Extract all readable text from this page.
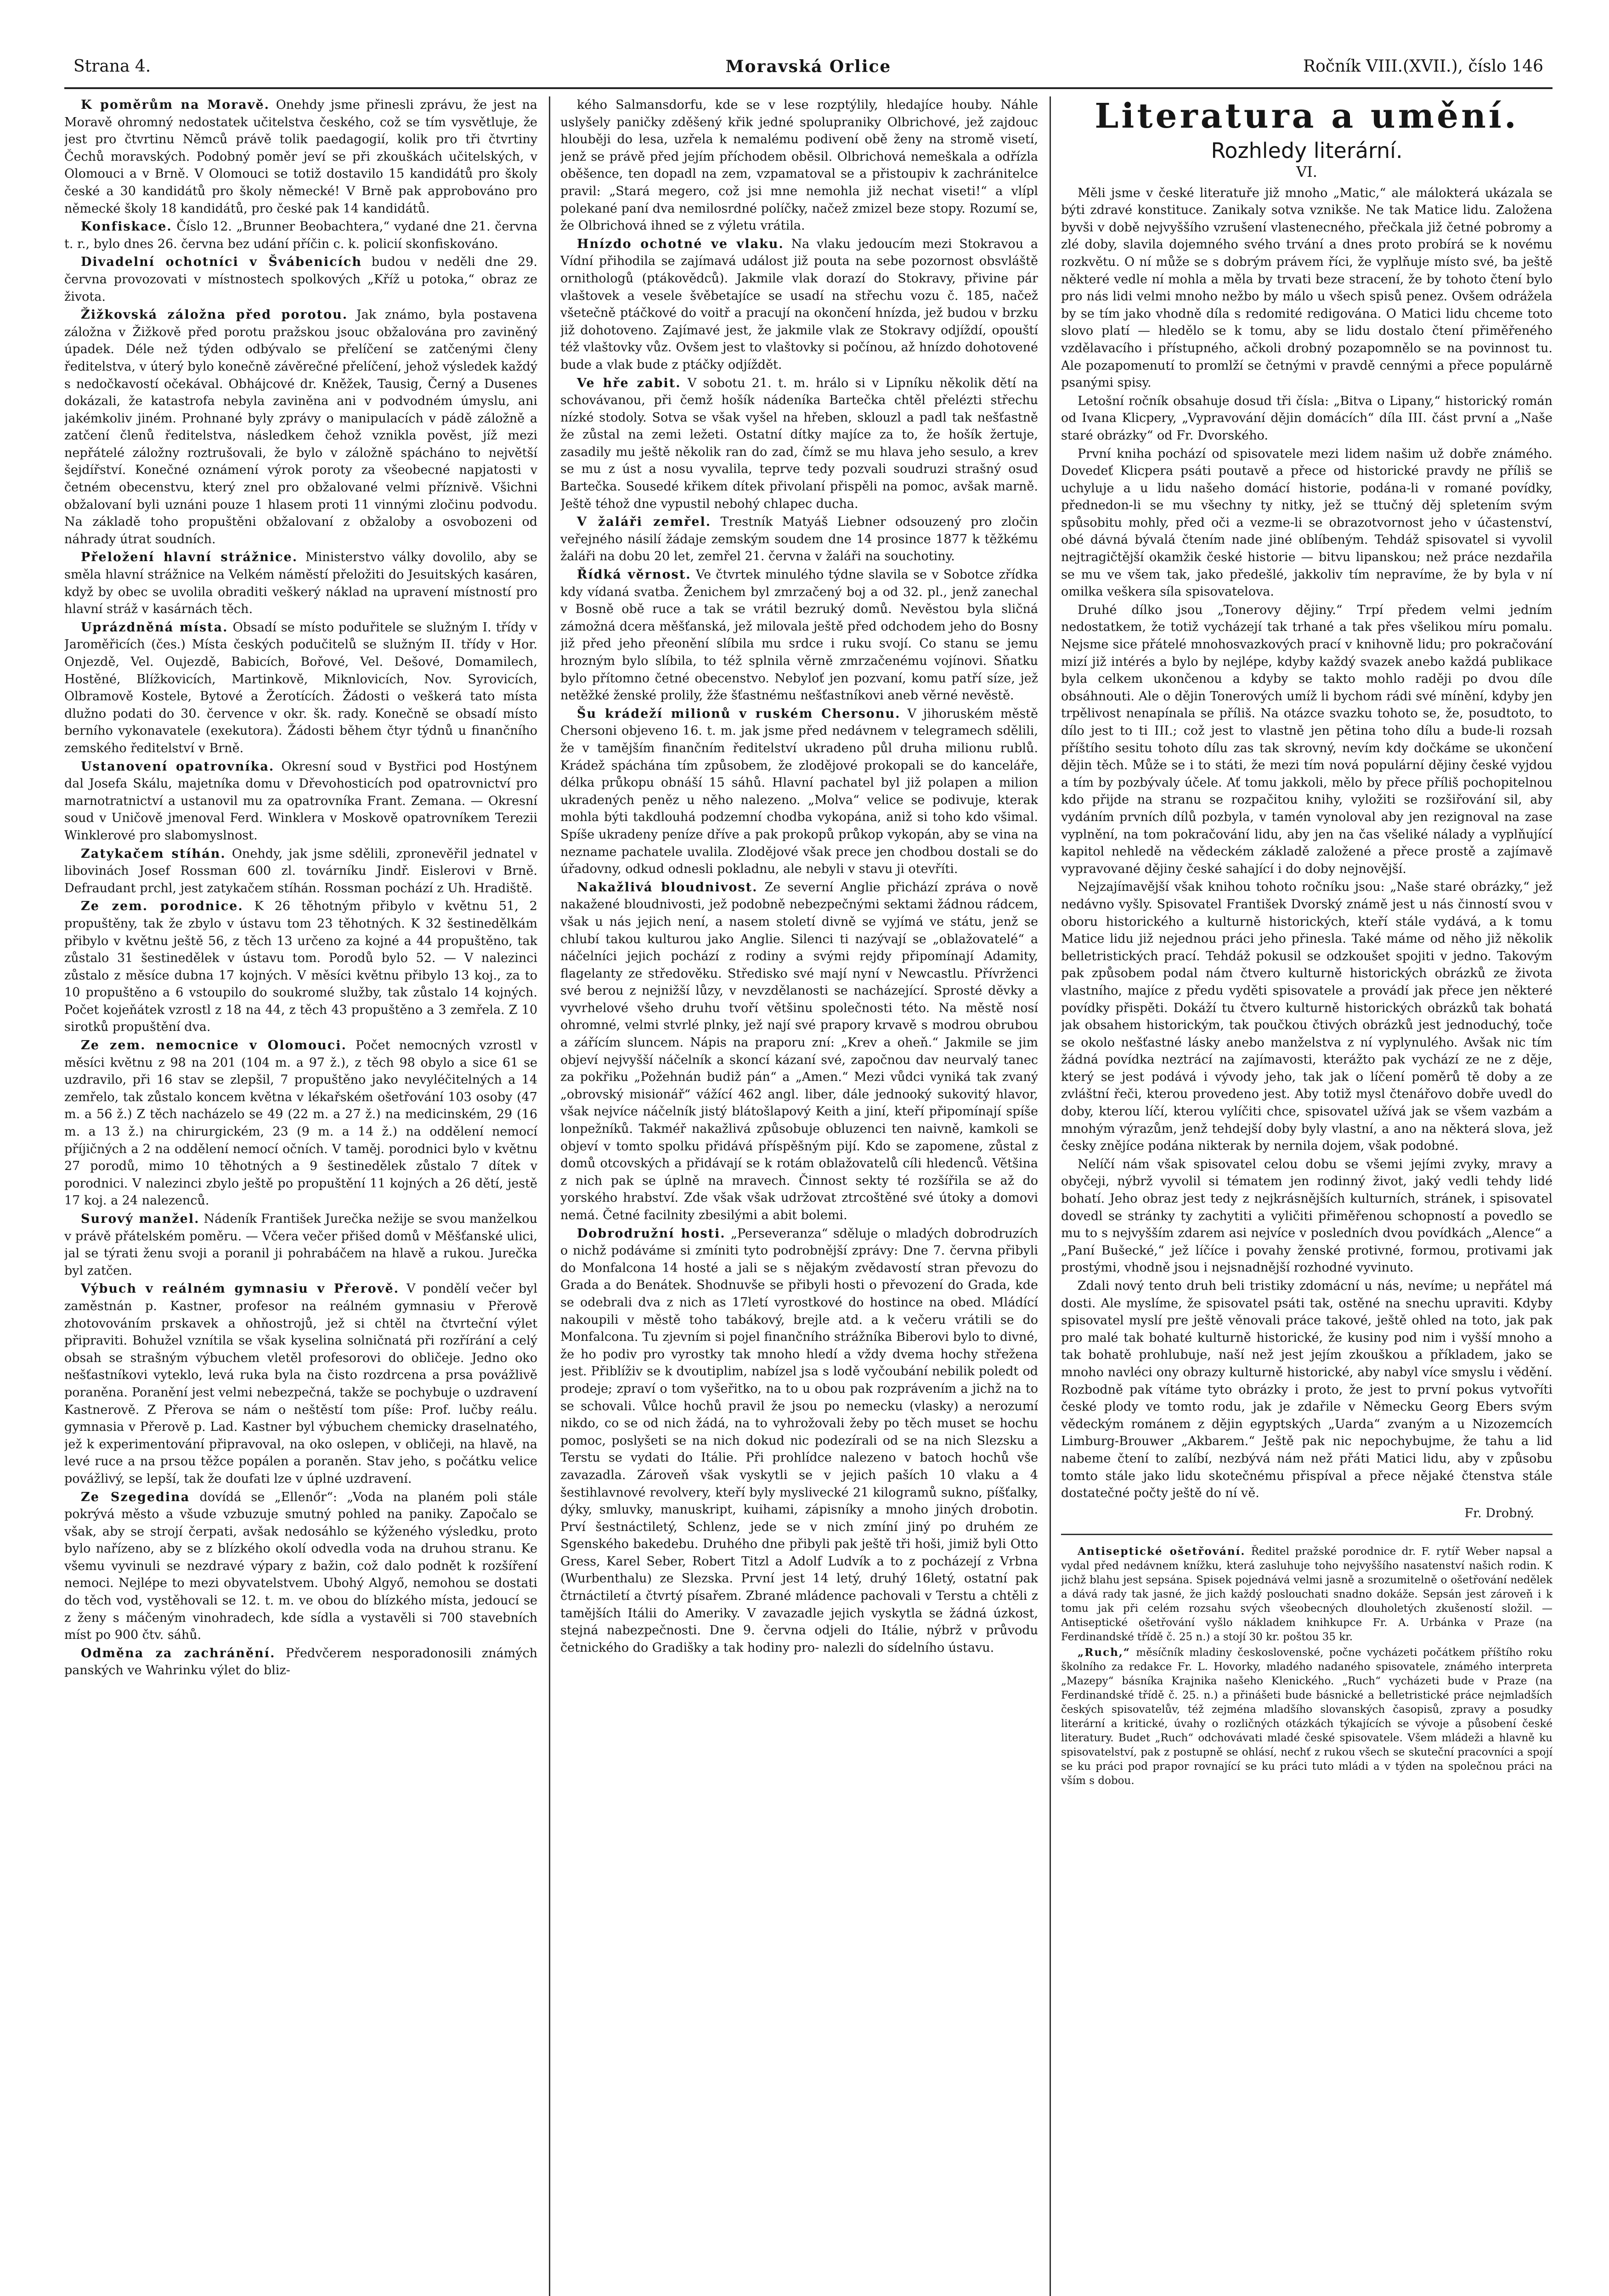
Strana 4.	Moravská Orlice	Ročník VIII.(XVII.), číslo 146

K poměrům na Moravě. Onehdy jsme přinesli zprávu, že jest na Moravě ohromný nedostatek učitelstva českého, což se tím vysvětluje, že jest pro čtvrtinu Němců právě tolik paedagogií, kolik pro tři čtvrtiny Čechů moravských. Podobný poměr jeví se při zkouškách učitelských, v Olomouci a v Brně. V Olomouci se totiž dostavilo 15 kandidátů pro školy české a 30 kandidátů pro školy německé! V Brně pak approbováno pro německé školy 18 kandidátů, pro české pak 14 kandidátů.

Konfiskace. Číslo 12. „Brunner Beobachtera,“ vydané dne 21. června t. r., bylo dnes 26. června bez udání příčin c. k. policií skonfiskováno.

Divadelní ochotníci v Švábenicích budou v neděli dne 29. června provozovati v místnostech spolkových „Kříž u potoka,“ obraz ze života.

Žižkovská záložna před porotou. Jak známo, byla postavena záložna v Žižkově před porotu pražskou jsouc obžalována pro zaviněný úpadek. Déle než týden odbývalo se přelíčení se zatčenými členy ředitelstva, v úterý bylo konečně závěrečné přelíčení, jehož výsledek každý s nedočkavostí očekával. Obhájcové dr. Kněžek, Tausig, Černý a Dusenes dokázali, že katastrofa nebyla zaviněna ani v podvodném úmyslu, ani jakémkoliv jiném. Prohnané byly zprávy o manipulacích v pádě záložně a zatčení členů ředitelstva, následkem čehož vznikla pověst, jíž mezi nepřátelé záložny roztrušovali, že bylo v záložně spácháno to největší šejdířství. Konečné oznámení výrok poroty za všeobecné napjatosti v četném obecenstvu, který znel pro obžalované velmi příznivě. Všichni obžalovaní byli uznáni pouze 1 hlasem proti 11 vinnými zločinu podvodu. Na základě toho propuštěni obžalovaní z obžaloby a osvobozeni od náhrady útrat soudních.

Přeložení hlavní strážnice. Ministerstvo války dovolilo, aby se směla hlavní strážnice na Velkém náměstí přeložiti do Jesuitských kasáren, když by obec se uvolila obraditi veškerý náklad na upravení místností pro hlavní stráž v kasárnách těch.

Uprázdněná místa. Obsadí se místo poduřitele se služným I. třídy v Jaroměřicích (čes.) Místa českých podučitelů se služným II. třídy v Hor. Onjezdě, Vel. Oujezdě, Babicích, Bořové, Vel. Dešové, Domamilech, Hostěné, Blížkovicích, Martinkově, Miknlovicích, Nov. Syrovicích, Olbramově Kostele, Bytové a Žerotících. Žádosti o veškerá tato místa dlužno podati do 30. července v okr. šk. rady. Konečně se obsadí místo berního vykonavatele (exekutora). Žádosti během čtyr týdnů u finančního zemského ředitelství v Brně.

Ustanovení opatrovníka. Okresní soud v Bystřici pod Hostýnem dal Josefa Skálu, majetníka domu v Dřevohosticích pod opatrovnictví pro marnotratnictví a ustanovil mu za opatrovníka Frant. Zemana. — Okresní soud v Uničově jmenoval Ferd. Winklera v Moskově opatrovníkem Terezii Winklerové pro slabomyslnost.

Zatykačem stíhán. Onehdy, jak jsme sdělili, zpronevěřil jednatel v libovinách Josef Rossman 600 zl. továrníku Jindř. Eislerovi v Brně. Defraudant prchl, jest zatykačem stíhán. Rossman pochází z Uh. Hradiště.

Ze zem. porodnice. K 26 těhotným přibylo v květnu 51, 2 propuštěny, tak že zbylo v ústavu tom 23 těhotných. K 32 šestinedělkám přibylo v květnu ještě 56, z těch 13 určeno za kojné a 44 propuštěno, tak zůstalo 31 šestinedělek v ústavu tom. Porodů bylo 52. — V nalezinci zůstalo z měsíce dubna 17 kojných. V měsíci květnu přibylo 13 koj., za to 10 propuštěno a 6 vstoupilo do soukromé služby, tak zůstalo 14 kojných. Počet kojeňátek vzrostl z 18 na 44, z těch 43 propuštěno a 3 zemřela. Z 10 sirotků propuštění dva.

Ze zem. nemocnice v Olomouci. Počet nemocných vzrostl v měsíci květnu z 98 na 201 (104 m. a 97 ž.), z těch 98 obylo a sice 61 se uzdravilo, při 16 stav se zlepšil, 7 propuštěno jako nevyléčitelných a 14 zemřelo, tak zůstalo koncem května v lékařském ošetřování 103 osoby (47 m. a 56 ž.) Z těch nacházelo se 49 (22 m. a 27 ž.) na medicinském, 29 (16 m. a 13 ž.) na chirurgickém, 23 (9 m. a 14 ž.) na oddělení nemocí příjičných a 2 na oddělení nemocí očních. V taměj. porodnici bylo v květnu 27 porodů, mimo 10 těhotných a 9 šestinedělek zůstalo 7 dítek v porodnici. V nalezinci zbylo ještě po propuštění 11 kojných a 26 dětí, jestě 17 koj. a 24 nalezenců.

Surový manžel. Nádeník František Jurečka nežije se svou manželkou v právě přátelském poměru. — Včera večer přišed domů v Měšťanské ulici, jal se týrati ženu svoji a poranil ji pohrabáčem na hlavě a rukou. Jurečka byl zatčen.

Výbuch v reálném gymnasiu v Přerově. V pondělí večer byl zaměstnán p. Kastner, profesor na reálném gymnasiu v Přerově zhotovováním prskavek a ohňostrojů, jež si chtěl na čtvrteční výlet připraviti. Bohužel vznítila se však kyselina solničnatá při rozřírání a celý obsah se strašným výbuchem vletěl profesorovi do obličeje. Jedno oko nešťastníkovi vyteklo, levá ruka byla na čisto rozdrcena a prsa povážlivě poraněna. Poranění jest velmi nebezpečná, takže se pochybuje o uzdravení Kastnerově. Z Přerova se nám o neštěstí tom píše: Prof. lučby reálu. gymnasia v Přerově p. Lad. Kastner byl výbuchem chemicky draselnatého, jež k experimentování připravoval, na oko oslepen, v obličeji, na hlavě, na levé ruce a na prsou těžce popálen a poraněn. Stav jeho, s počátku velice povážlivý, se lepší, tak že doufati lze v úplné uzdravení.

Ze Szegedina dovídá se „Ellenőr“: „Voda na planém poli stále pokrývá město a všude vzbuzuje smutný pohled na paniky. Započalo se však, aby se strojí čerpati, avšak nedosáhlo se kýženého výsledku, proto bylo nařízeno, aby se z blízkého okolí odvedla voda na druhou stranu. Ke všemu vyvinuli se nezdravé výpary z bažin, což dalo podnět k rozšíření nemoci. Nejlépe to mezi obyvatelstvem. Ubohý Algyő, nemohou se dostati do těch vod, vystěhovali se 12. t. m. ve obou do blízkého místa, jedoucí se z ženy s máčeným vinohradech, kde sídla a vystavěli si 700 stavebních míst po 900 čtv. sáhů.

Odměna za zachránění. Předvčerem nesporadonosili známých panských ve Wahrinku výlet do bliz-

kého Salmansdorfu, kde se v lese rozptýlily, hledajíce houby. Náhle uslyšely paničky zděšený křik jedné spolupraniky Olbrichové, jež zajdouc hlouběji do lesa, uzřela k nemalému podivení obě ženy na stromě visetí, jenž se právě před jejím příchodem oběsil. Olbrichová nemeškala a odřízla oběšence, ten dopadl na zem, vzpamatoval se a přistoupiv k zachránitelce pravil: „Stará megero, což jsi mne nemohla již nechat viseti!“ a vlípl polekané paní dva nemilosrdné políčky, načež zmizel beze stopy. Rozumí se, že Olbrichová ihned se z výletu vrátila.

Hnízdo ochotné ve vlaku. Na vlaku jedoucím mezi Stokravou a Vídní přihodila se zajímavá událost již pouta na sebe pozornost obsvláště ornithologů (ptákovědců). Jakmile vlak dorazí do Stokravy, přivine pár vlaštovek a vesele švěbetajíce se usadí na střechu vozu č. 185, načež všetečně ptáčkové do voitř a pracují na okončení hnízda, jež budou v brzku již dohotoveno. Zajímavé jest, že jakmile vlak ze Stokravy odjíždí, opouští též vlaštovky vůz. Ovšem jest to vlaštovky si počínou, až hnízdo dohotovené bude a vlak bude z ptáčky odjíždět.

Ve hře zabit. V sobotu 21. t. m. hrálo si v Lipníku několik dětí na schovávanou, při čemž hošík nádeníka Bartečka chtěl přelézti střechu nízké stodoly. Sotva se však vyšel na hřeben, sklouzl a padl tak nešťastně že zůstal na zemi ležeti. Ostatní dítky majíce za to, že hošík žertuje, zasadily mu ještě několik ran do zad, čímž se mu hlava jeho sesulo, a krev se mu z úst a nosu vyvalila, teprve tedy pozvali soudruzi strašný osud Bartečka. Sousedé křikem dítek přivolaní přispěli na pomoc, avšak marně. Ještě téhož dne vypustil nebohý chlapec ducha.

V žaláři zemřel. Trestník Matyáš Liebner odsouzený pro zločin veřejného násilí žádaje zemským soudem dne 14 prosince 1877 k těžkému žaláři na dobu 20 let, zemřel 21. června v žaláři na souchotiny.

Řídká věrnost. Ve čtvrtek minulého týdne slavila se v Sobotce zřídka kdy vídaná svatba. Ženichem byl zmrzačený boj a od 32. pl., jenž zanechal v Bosně obě ruce a tak se vrátil bezruký domů. Nevěstou byla sličná zámožná dcera měšťanská, jež milovala ještě před odchodem jeho do Bosny již před jeho přeonění slíbila mu srdce i ruku svojí. Co stanu se jemu hrozným bylo slíbila, to též splnila věrně zmrzačenému vojínovi. Sňatku bylo přítomno četné obecenstvo. Nebyloť jen pozvaní, komu patří síze, jež netěžké ženské prolily, žže šťastnému nešťastníkovi aneb věrné nevěstě.

Šu krádeží milionů v ruském Chersonu. V jihoruském městě Chersoni objeveno 16. t. m. jak jsme před nedávnem v telegramech sdělili, že v tamějším finančním ředitelství ukradeno půl druha milionu rublů. Krádež spáchána tím způsobem, že zlodějové prokopali se do kanceláře, délka průkopu obnáší 15 sáhů. Hlavní pachatel byl již polapen a milion ukradených peněz u něho nalezeno. „Molva“ velice se podivuje, kterak mohla býti takdlouhá podzemní chodba vykopána, aniž si toho kdo všimal. Spíše ukradeny peníze dříve a pak prokopů průkop vykopán, aby se vina na nezname pachatele uvalila. Zlodějové však prece jen chodbou dostali se do úřadovny, odkud odnesli pokladnu, ale nebyli v stavu ji otevříti.

Nakažlivá bloudnivost. Ze severní Anglie přichází zpráva o nově nakažené bloudnivosti, jež podobně nebezpečnými sektami žádnou rádcem, však u nás jejich není, a nasem století divně se vyjímá ve státu, jenž se chlubí takou kulturou jako Anglie. Silenci ti nazývají se „oblažovatelé“ a náčelníci jejich pochází z rodiny a svými rejdy připomínají Adamity, flagelanty ze středověku. Středisko své mají nyní v Newcastlu. Přívrženci své berou z nejnižší lůzy, v nevzdělanosti se nacházející. Sprosté děvky a vyvrhelové všeho druhu tvoří většinu společnosti této. Na městě nosí ohromné, velmi stvrlé plnky, jež nají své prapory krvavě s modrou obrubou a zářícím sluncem. Nápis na praporu zní: „Krev a oheň.“ Jakmile se jim objeví nejvyšší náčelník a skoncí kázaní své, započnou dav neurvalý tanec za pokřiku „Požehnán budiž pán“ a „Amen.“ Mezi vůdci vyniká tak zvaný „obrovský misionář“ vážící 462 angl. liber, dále jednooký sukovitý hlavor, však nejvíce náčelník jistý blátošlapový Keith a jiní, kteří připomínají spíše lonpežníků. Takméř nakažlivá způsobuje obluzenci ten naivně, kamkoli se objeví v tomto spolku přidává příspěšným pijí. Kdo se zapomene, zůstal z domů otcovských a přidávají se k rotám oblažovatelů cíli hledenců. Většina z nich pak se úplně na mravech. Činnost sekty té rozšířila se až do yorského hrabství. Zde však však udržovat ztrcoštěné své útoky a domovi nemá. Četné facilnity zbesilými a abit bolemi.

Dobrodružní hosti. „Perseveranza“ sděluje o mladých dobrodruzích o nichž podáváme si zmíniti tyto podrobnější zprávy: Dne 7. června přibyli do Monfalcona 14 hosté a jali se s nějakým zvědavostí stran převozu do Grada a do Benátek. Shodnuvše se přibyli hosti o převození do Grada, kde se odebrali dva z nich as 17letí vyrostkové do hostince na obed. Mládící nakoupili v městě toho tabákový, brejle atd. a k večeru vrátili se do Monfalcona. Tu zjevním si pojel finančního strážníka Biberovi bylo to divné, že ho podiv pro vyrostky tak mnoho hledí a vždy dvema hochy střežena jest. Přiblíživ se k dvoutiplim, nabízel jsa s lodě vyčoubání nebilik poledt od prodeje; zpraví o tom vyšeřitko, na to u obou pak rozprávením a jichž na to se schovali. Vůlce hochů pravil že jsou po nemecku (vlasky) a nerozumí nikdo, co se od nich žádá, na to vyhrožovali žeby po těch muset se hochu pomoc, poslyšeti se na nich dokud nic podezírali od se na nich Slezsku a Terstu se vydati do Itálie. Při prohlídce nalezeno v batoch hochů vše zavazadla. Zároveň však vyskytli se v jejich paších 10 vlaku a 4 šestihlavnové revolvery, kteří byly myslivecké 21 kilogramů sukno, píšťalky, dýky, smluvky, manuskript, kuihami, zápisníky a mnoho jiných drobotin. Prví šestnáctiletý, Schlenz, jede se v nich zmíní jiný po druhém ze Sgenského bakedebu. Druhého dne přibyli pak ještě tři hoši, jimiž byli Otto Gress, Karel Seber, Robert Titzl a Adolf Ludvík a to z pocházejí z Vrbna (Wurbenthalu) ze Slezska. První jest 14 letý, druhý 16letý, ostatní pak čtrnáctiletí a čtvrtý písařem. Zbrané mládence pachovali v Terstu a chtěli z tamějších Itálii do Ameriky. V zavazadle jejich vyskytla se žádná úzkost, stejná nabezpečnosti. Dne 9. června odjeli do Itálie, nýbrž v průvodu četnického do Gradišky a tak hodiny pro- nalezli do sídelního ústavu.

Literatura a umění.

Rozhledy literární.

VI.

Měli jsme v české literatuře již mnoho „Matic,“ ale málokterá ukázala se býti zdravé konstituce. Zanikaly sotva vznikše. Ne tak Matice lidu. Založena byvši v době nejvyššího vzrušení vlastenecného, přečkala již četné pobromy a zlé doby, slavila dojemného svého trvání a dnes proto probírá se k novému rozkvětu. O ní může se s dobrým právem říci, že vyplňuje místo své, ba ještě některé vedle ní mohla a měla by trvati beze stracení, že by tohoto čtení bylo pro nás lidi velmi mnoho nežbo by málo u všech spisů penez. Ovšem odrážela by se tím jako vhodně díla s redomité redigována. O Matici lidu chceme toto slovo platí — hledělo se k tomu, aby se lidu dostalo čtení přiměřeného vzdělavacího i přístupného, ačkoli drobný pozapomnělo se na povinnost tu. Ale pozapomenutí to promlží se četnými v pravdě cennými a přece populárně psanými spisy.

Letošní ročník obsahuje dosud tři čísla: „Bitva o Lipany,“ historický román od Ivana Klicpery, „Vypravování dějin domácích“ díla III. část první a „Naše staré obrázky“ od Fr. Dvorského.

První kniha pochází od spisovatele mezi lidem našim už dobře známého. Dovedeť Klicpera psáti poutavě a přece od historické pravdy ne příliš se uchyluje a u lidu našeho domácí historie, podána-li v romané povídky, přednedon-li se mu všechny ty nitky, jež se ttučný děj spletením svým spůsobitu mohly, před oči a vezme-li se obrazotvornost jeho v účastenství, obé dávná bývalá čtením nade jiné oblíbeným. Tehdáž spisovatel si vyvolil nejtragičtější okamžik české historie — bitvu lipanskou; než práce nezdařila se mu ve všem tak, jako předešlé, jakkoliv tím nepravíme, že by byla v ní omilka veškera síla spisovatelova.

Druhé dílko jsou „Tonerovy dějiny.“ Trpí předem velmi jedním nedostatkem, že totiž vycházejí tak trhané a tak přes všelikou míru pomalu. Nejsme sice přátelé mnohosvazkových prací v knihovně lidu; pro pokračování mizí již intérés a bylo by nejlépe, kdyby každý svazek anebo každá publikace byla celkem ukončenou a kdyby se takto mohlo raději po dvou díle obsáhnouti. Ale o dějin Tonerových umíž li bychom rádi své mínění, kdyby jen trpělivost nenapínala se příliš. Na otázce svazku tohoto se, že, posudtoto, to dílo jest to ti III.; což jest to vlastně jen pětina toho dílu a bude-li rozsah příštího sesitu tohoto dílu zas tak skrovný, nevím kdy dočkáme se ukončení dějin těch. Může se i to státi, že mezi tím nová populární dějiny české vyjdou a tím by pozbývaly účele. Ať tomu jakkoli, mělo by přece příliš pochopitelnou kdo přijde na stranu se rozpačitou knihy, vyložiti se rozšiřování sil, aby vydáním prvních dílů pozbyla, v tamén vynoloval aby jen rezignoval na zase vyplnění, na tom pokračování lidu, aby jen na čas všeliké nálady a vyplňující kapitol nehledě na vědeckém základě založené a přece prostě a zajímavě vypravované dějiny české sahající i do doby nejnovější.

Nejzajímavější však knihou tohoto ročníku jsou: „Naše staré obrázky,“ jež nedávno vyšly. Spisovatel František Dvorský známě jest u nás činností svou v oboru historického a kulturně historických, kteří stále vydává, a k tomu Matice lidu již nejednou práci jeho přinesla. Také máme od něho již několik belletristických prací. Tehdáž pokusil se odzkoušet spojiti v jedno. Takovým pak způsobem podal nám čtvero kulturně historických obrázků ze života vlastního, majíce z předu vyděti spisovatele a provádí jak přece jen některé povídky přispěti. Dokáží tu čtvero kulturně historických obrázků tak bohatá jak obsahem historickým, tak poučkou čtivých obrázků jest jednoduchý, toče se okolo nešťastné lásky anebo manželstva z ní vyplynulého. Avšak nic tím žádná povídka neztrácí na zajímavosti, kterážto pak vychází ze ne z děje, který se jest podává i vývody jeho, tak jak o líčení poměrů tě doby a ze zvláštní řeči, kterou provedeno jest. Aby totiž mysl čtenářovo dobře uvedl do doby, kterou líčí, kterou vylíčiti chce, spisovatel užívá jak se všem vazbám a mnohým výrazům, jenž tehdejší doby byly vlastní, a ano na některá slova, jež česky znějíce podána nikterak by nernila dojem, však podobné.

Nelíčí nám však spisovatel celou dobu se všemi jejími zvyky, mravy a obyčeji, nýbrž vyvolil si tématem jen rodinný život, jaký vedli tehdy lidé bohatí. Jeho obraz jest tedy z nejkrásnějších kulturních, stránek, i spisovatel dovedl se stránky ty zachytiti a vyličiti přiměřenou schopností a povedlo se mu to s nejvyšším zdarem asi nejvíce v posledních dvou povídkách „Alence“ a „Paní Bušecké,“ jež líčíce i povahy ženské protivné, formou, protivami jak prostými, vhodně jsou i nejsnadnější rozhodné vyvinuto.

Zdali nový tento druh beli tristiky zdomácní u nás, nevíme; u nepřátel má dosti. Ale myslíme, že spisovatel psáti tak, ostěné na snechu upraviti. Kdyby spisovatel myslí pre ještě věnovali práce takové, ještě ohled na toto, jak pak pro malé tak bohaté kulturně historické, že kusiny pod nim i vyšší mnoho a tak bohatě prohlubuje, naší než jest jejím zkouškou a příkladem, jako se mnoho navléci ony obrazy kulturně historické, aby nabyl více smyslu i vědění. Rozbodně pak vítáme tyto obrázky i proto, že jest to první pokus vytvoříti české plody ve tomto rodu, jak je zdařile v Německu Georg Ebers svým vědeckým románem z dějin egyptských „Uarda“ zvaným a u Nizozemcích Limburg-Brouwer „Akbarem.“ Ještě pak nic nepochybujme, že tahu a lid nabeme čtení to zalíbí, nezbývá nám než přáti Matici lidu, aby v způsobu tomto stále jako lidu skotečnému přispíval a přece nějaké čtenstva stále dostatečné počty ještě do ní vě.

Fr. Drobný.

Antiseptické ošetřování. Ředitel pražské porodnice dr. F. rytíř Weber napsal a vydal před nedávnem knížku, která zasluhuje toho nejvyššího nasatenství našich rodin. K jichž blahu jest sepsána. Spisek pojednává velmi jasně a srozumitelně o ošetřování nedělek a dává rady tak jasné, že jich každý poslouchati snadno dokáže. Sepsán jest zároveň i k tomu jak při celém rozsahu svých všeobecných dlouholetých zkušeností složil. — Antiseptické ošetřování vyšlo nákladem knihkupce Fr. A. Urbánka v Praze (na Ferdinandské třídě č. 25 n.) a stojí 30 kr. poštou 35 kr.

„Ruch,“ měsíčník mladiny československé, počne vycházeti počátkem příštího roku školního za redakce Fr. L. Hovorky, mladého nadaného spisovatele, známého interpreta „Mazepy“ básníka Krajnika našeho Klenického. „Ruch“ vycházeti bude v Praze (na Ferdinandské třídě č. 25. n.) a přinášeti bude básnické a belletristické práce nejmladších českých spisovatelův, též zejména mladšího slovanských časopisů, zpravy a posudky literární a kritické, úvahy o rozličných otázkách týkajících se vývoje a působení české literatury. Budet „Ruch“ odchovávati mladé české spisovatele. Všem mládeži a hlavně ku spisovatelství, pak z postupně se ohlásí, nechť z rukou všech se skuteční pracovníci a spojí se ku práci pod prapor rovnající se ku práci tuto mládi a v týden na společnou práci na vším s dobou.
